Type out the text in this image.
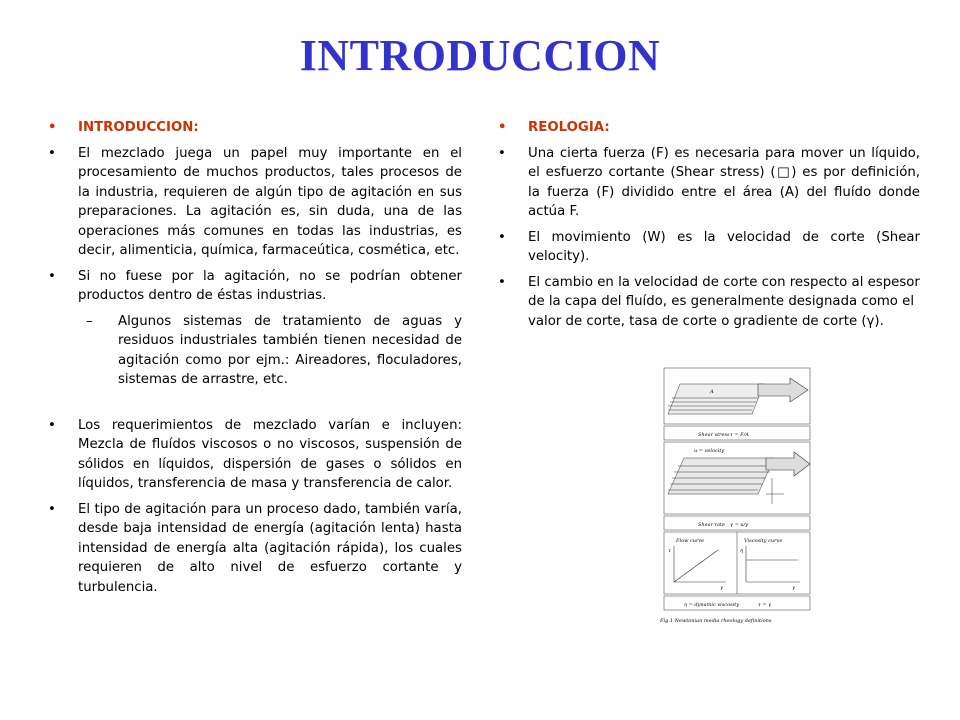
INTRODUCCION
• INTRODUCCION:
• El mezclado juega un papel muy importante en el procesamiento de muchos productos, tales procesos de la industria, requieren de algún tipo de agitación en sus preparaciones. La agitación es, sin duda, una de las operaciones más comunes en todas las industrias, es decir, alimenticia, química, farmaceútica, cosmética, etc.
• Si no fuese por la agitación, no se podrían obtener productos dentro de éstas industrias.
– Algunos sistemas de tratamiento de aguas y residuos industriales también tienen necesidad de agitación como por ejm.: Aireadores, floculadores, sistemas de arrastre, etc.
• Los requerimientos de mezclado varían e incluyen: Mezcla de fluídos viscosos o no viscosos, suspensión de sólidos en líquidos, dispersión de gases o sólidos en líquidos, transferencia de masa y transferencia de calor.
• El tipo de agitación para un proceso dado, también varía, desde baja intensidad de energía (agitación lenta) hasta intensidad de energía alta (agitación rápida), los cuales requieren de alto nivel de esfuerzo cortante y turbulencia.
• REOLOGIA:
• Una cierta fuerza (F) es necesaria para mover un líquido, el esfuerzo cortante (Shear stress) (□) es por definición, la fuerza (F) dividido entre el área (A) del fluído donde actúa F.
• El movimiento (W) es la velocidad de corte (Shear velocity).
• El cambio en la velocidad de corte con respecto al espesor de la capa del fluído, es generalmente designada como el valor de corte, tasa de corte o gradiente de corte (γ).
A
Shear stress τ = F/A
u = velocity
Shear rate γ = u/y
Flow curve	Viscosity curve
τ
γ
η
γ
η = dynamic viscosity	τ = γ
Fig.1 Newtonian media rheology definitions
